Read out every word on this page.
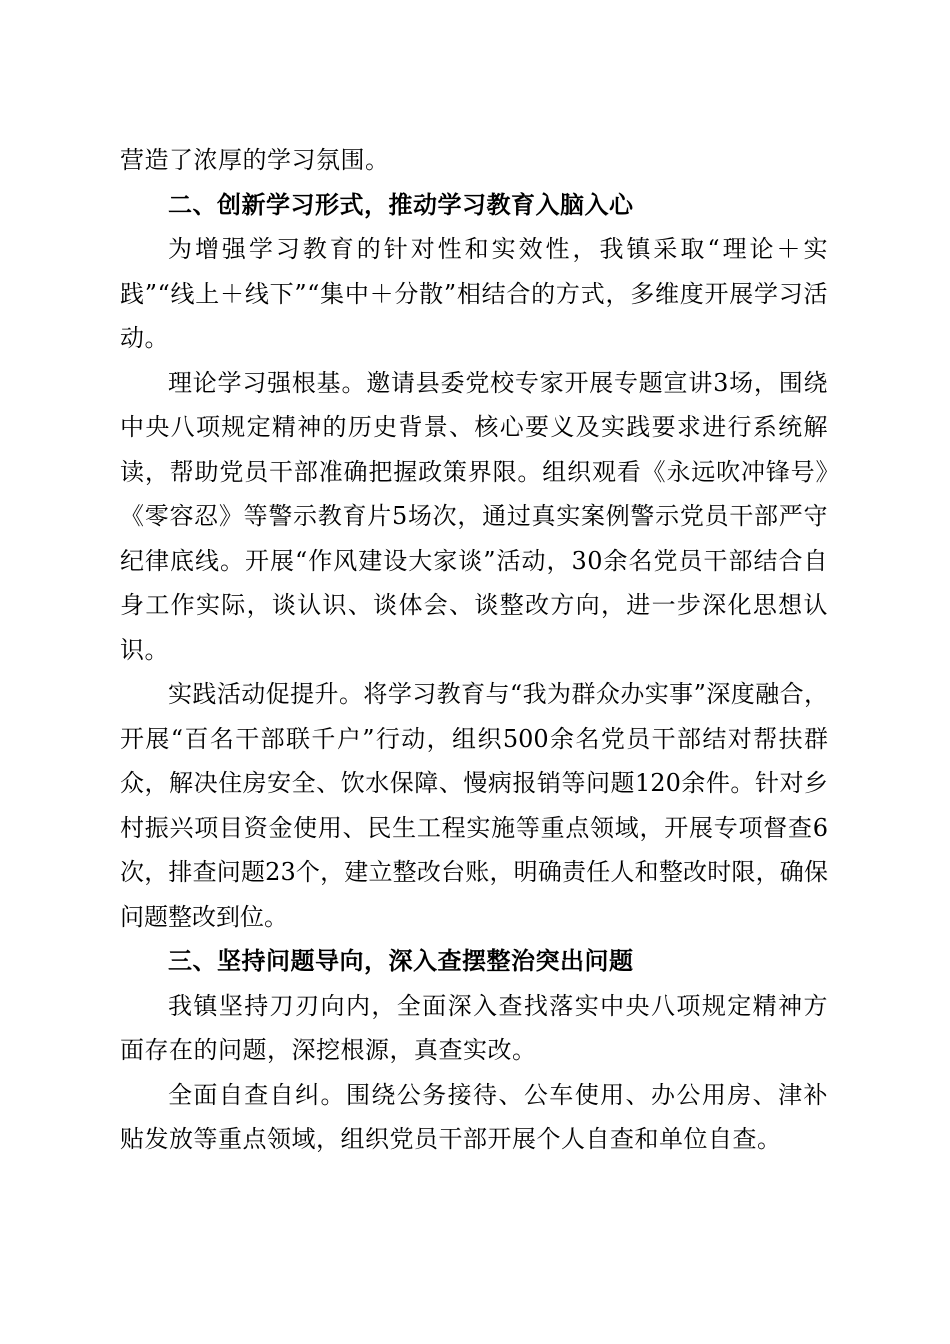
营造了浓厚的学习氛围。

二、创新学习形式，推动学习教育入脑入心

为增强学习教育的针对性和实效性，我镇采取“理论＋实践”“线上＋线下”“集中＋分散”相结合的方式，多维度开展学习活动。

理论学习强根基。邀请县委党校专家开展专题宣讲3场，围绕中央八项规定精神的历史背景、核心要义及实践要求进行系统解读，帮助党员干部准确把握政策界限。组织观看《永远吹冲锋号》《零容忍》等警示教育片5场次，通过真实案例警示党员干部严守纪律底线。开展“作风建设大家谈”活动，30余名党员干部结合自身工作实际，谈认识、谈体会、谈整改方向，进一步深化思想认识。

实践活动促提升。将学习教育与“我为群众办实事”深度融合，开展“百名干部联千户”行动，组织500余名党员干部结对帮扶群众，解决住房安全、饮水保障、慢病报销等问题120余件。针对乡村振兴项目资金使用、民生工程实施等重点领域，开展专项督查6次，排查问题23个，建立整改台账，明确责任人和整改时限，确保问题整改到位。

三、坚持问题导向，深入查摆整治突出问题

我镇坚持刀刃向内，全面深入查找落实中央八项规定精神方面存在的问题，深挖根源，真查实改。

全面自查自纠。围绕公务接待、公车使用、办公用房、津补贴发放等重点领域，组织党员干部开展个人自查和单位自查。
